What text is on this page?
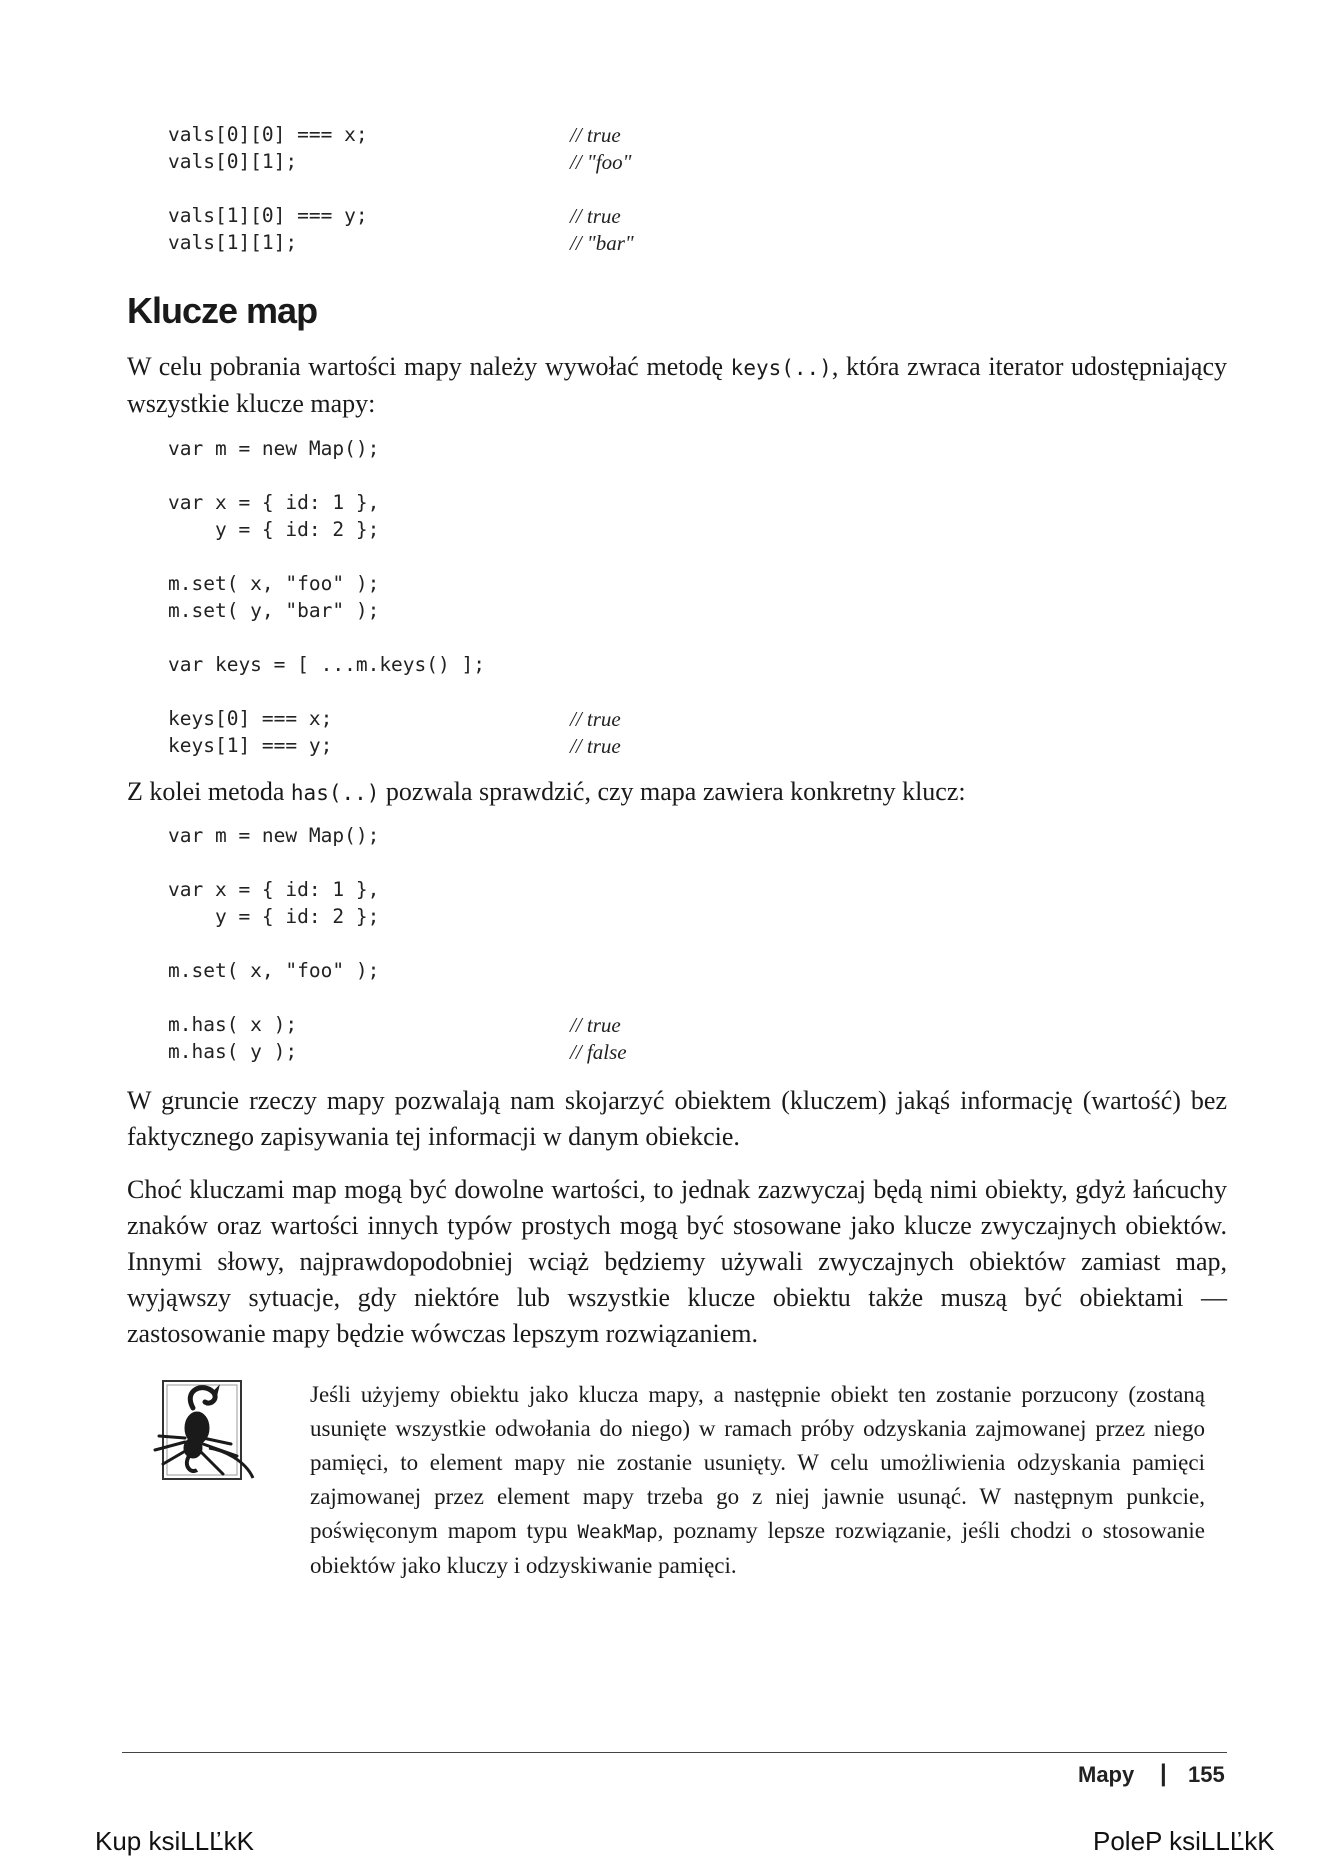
vals[0][0] === x;	// true
vals[0][1];	// "foo"
vals[1][0] === y;	// true
vals[1][1];	// "bar"
Klucze map

W celu pobrania wartości mapy należy wywołać metodę keys(..), która zwraca iterator udostępniający wszystkie klucze mapy:

var m = new Map();
var x = { id: 1 },
y = { id: 2 };
m.set( x, "foo" );
m.set( y, "bar" );
var keys = [ ...m.keys() ];
keys[0] === x;	// true
keys[1] === y;	// true

Z kolei metoda has(..) pozwala sprawdzić, czy mapa zawiera konkretny klucz:

var m = new Map();
var x = { id: 1 },
y = { id: 2 };
m.set( x, "foo" );
m.has( x );	// true
m.has( y );	// false

W gruncie rzeczy mapy pozwalają nam skojarzyć obiektem (kluczem) jakąś informację (wartość) bez faktycznego zapisywania tej informacji w danym obiekcie.

Choć kluczami map mogą być dowolne wartości, to jednak zazwyczaj będą nimi obiekty, gdyż łańcuchy znaków oraz wartości innych typów prostych mogą być stosowane jako klucze zwyczajnych obiektów. Innymi słowy, najprawdopodobniej wciąż będziemy używali zwyczajnych obiektów zamiast map, wyjąwszy sytuacje, gdy niektóre lub wszystkie klucze obiektu także muszą być obiektami — zastosowanie mapy będzie wówczas lepszym rozwiązaniem.

Jeśli użyjemy obiektu jako klucza mapy, a następnie obiekt ten zostanie porzucony (zostaną usunięte wszystkie odwołania do niego) w ramach próby odzyskania zajmowanej przez niego pamięci, to element mapy nie zostanie usunięty. W celu umożliwienia odzyskania pamięci zajmowanej przez element mapy trzeba go z niej jawnie usunąć. W następnym punkcie, poświęconym mapom typu WeakMap, poznamy lepsze rozwiązanie, jeśli chodzi o stosowanie obiektów jako kluczy i odzyskiwanie pamięci.

Mapy | 155
Kup ksiLLĽkK	PoleP ksiLLĽkK
